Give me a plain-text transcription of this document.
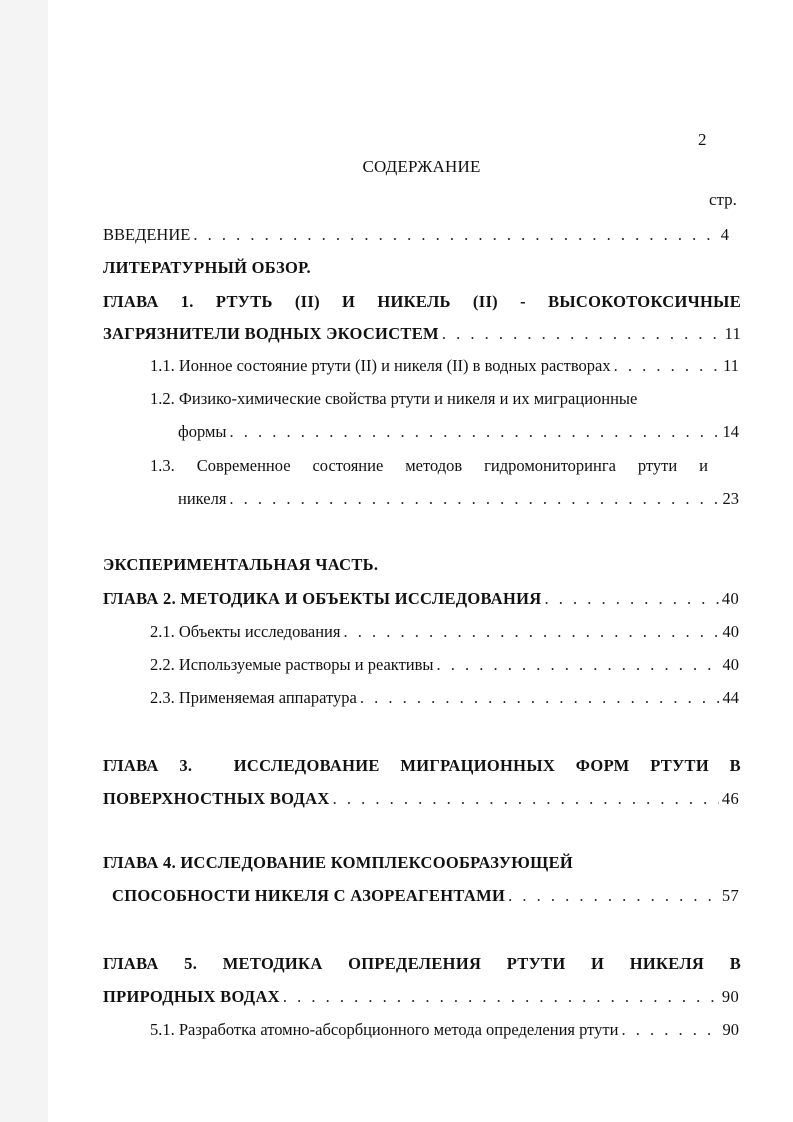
2
СОДЕРЖАНИЕ
стр.
ВВЕДЕНИЕ . . .	4
ЛИТЕРАТУРНЫЙ ОБЗОР.
ГЛАВА 1. РТУТЬ (II) И НИКЕЛЬ (II) - ВЫСОКОТОКСИЧНЫЕ
ЗАГРЯЗНИТЕЛИ ВОДНЫХ ЭКОСИСТЕМ . . .	11
1.1. Ионное состояние ртути (II) и никеля (II) в водных растворах . . .	11
1.2. Физико-химические свойства ртути и никеля и их миграционные
формы . . .	14
1.3. Современное состояние методов гидромониторинга ртути и
никеля . . .	23
ЭКСПЕРИМЕНТАЛЬНАЯ ЧАСТЬ.
ГЛАВА 2. МЕТОДИКА И ОБЪЕКТЫ ИССЛЕДОВАНИЯ . . .	40
2.1. Объекты исследования . . .	40
2.2. Используемые растворы и реактивы . . .	40
2.3. Применяемая аппаратура . . .	44
ГЛАВА 3.  ИССЛЕДОВАНИЕ МИГРАЦИОННЫХ ФОРМ РТУТИ В
ПОВЕРХНОСТНЫХ ВОДАХ . . .	46
ГЛАВА 4. ИССЛЕДОВАНИЕ КОМПЛЕКСООБРАЗУЮЩЕЙ
СПОСОБНОСТИ НИКЕЛЯ С АЗОРЕАГЕНТАМИ . . .	57
ГЛАВА 5. МЕТОДИКА ОПРЕДЕЛЕНИЯ РТУТИ И НИКЕЛЯ В
ПРИРОДНЫХ ВОДАХ . . .	90
5.1. Разработка атомно-абсорбционного метода определения ртути . . .	90
